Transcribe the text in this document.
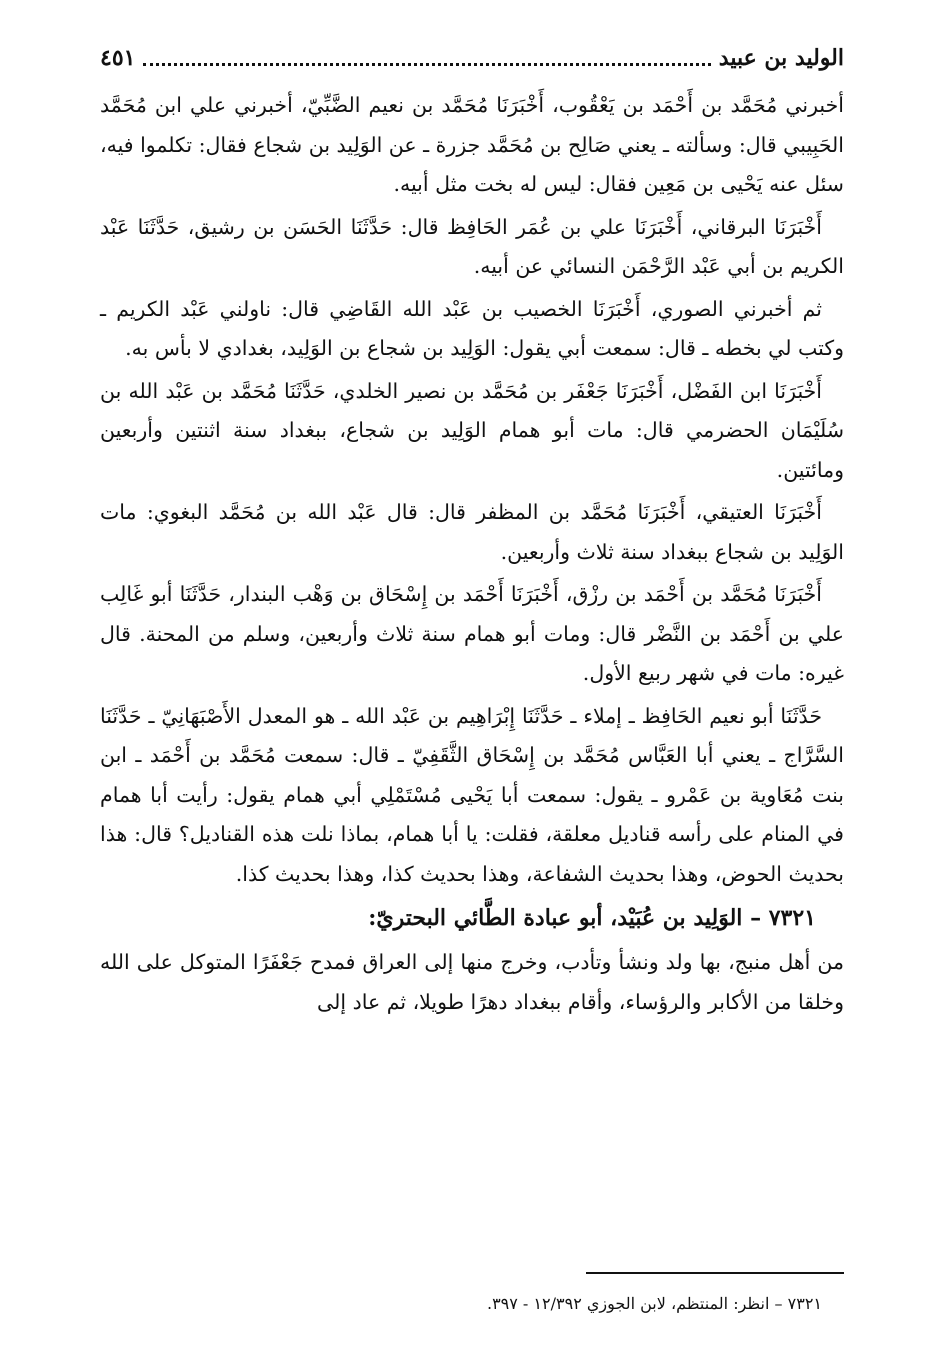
الوليد بن عبيد
٤٥١

أخبرني مُحَمَّد بن أَحْمَد بن يَعْقُوب، أَخْبَرَنَا مُحَمَّد بن نعيم الضَّبِّيّ، أخبرني علي ابن مُحَمَّد الحَبِيبي قال: وسألته ـ يعني صَالِح بن مُحَمَّد جزرة ـ عن الوَلِيد بن شجاع فقال: تكلموا فيه، سئل عنه يَحْيى بن مَعِين فقال: ليس له بخت مثل أبيه.

أَخْبَرَنَا البرقاني، أَخْبَرَنَا علي بن عُمَر الحَافِظ قال: حَدَّثَنَا الحَسَن بن رشيق، حَدَّثَنَا عَبْد الكريم بن أبي عَبْد الرَّحْمَن النسائي عن أبيه.

ثم أخبرني الصوري، أَخْبَرَنَا الخصيب بن عَبْد الله القَاضِي قال: ناولني عَبْد الكريم ـ وكتب لي بخطه ـ قال: سمعت أبي يقول: الوَلِيد بن شجاع بن الوَلِيد، بغدادي لا بأس به.

أَخْبَرَنَا ابن الفَضْل، أَخْبَرَنَا جَعْفَر بن مُحَمَّد بن نصير الخلدي، حَدَّثَنَا مُحَمَّد بن عَبْد الله بن سُلَيْمَان الحضرمي قال: مات أبو همام الوَلِيد بن شجاع، ببغداد سنة اثنتين وأربعين ومائتين.

أَخْبَرَنَا العتيقي، أَخْبَرَنَا مُحَمَّد بن المظفر قال: قال عَبْد الله بن مُحَمَّد البغوي: مات الوَلِيد بن شجاع ببغداد سنة ثلاث وأربعين.

أَخْبَرَنَا مُحَمَّد بن أَحْمَد بن رزْق، أَخْبَرَنَا أَحْمَد بن إِسْحَاق بن وَهْب البندار، حَدَّثَنَا أبو غَالِب علي بن أَحْمَد بن النَّضْر قال: ومات أبو همام سنة ثلاث وأربعين، وسلم من المحنة. قال غيره: مات في شهر ربيع الأول.

حَدَّثَنَا أبو نعيم الحَافِظ ـ إملاء ـ حَدَّثَنَا إِبْرَاهِيم بن عَبْد الله ـ هو المعدل الأَصْبَهَانِيّ ـ حَدَّثَنَا السَّرَّاج ـ يعني أبا العَبَّاس مُحَمَّد بن إِسْحَاق الثَّقَفِيّ ـ قال: سمعت مُحَمَّد بن أَحْمَد ـ ابن بنت مُعَاوية بن عَمْرو ـ يقول: سمعت أبا يَحْيى مُسْتَمْلِي أبي همام يقول: رأيت أبا همام في المنام على رأسه قناديل معلقة، فقلت: يا أبا همام، بماذا نلت هذه القناديل؟ قال: هذا بحديث الحوض، وهذا بحديث الشفاعة، وهذا بحديث كذا، وهذا بحديث كذا.

٧٣٢١ – الوَلِيد بن عُبَيْد، أبو عبادة الطَّائي البحتريّ:

من أهل منبج، بها ولد ونشأ وتأدب، وخرج منها إلى العراق فمدح جَعْفَرًا المتوكل على الله وخلقا من الأكابر والرؤساء، وأقام ببغداد دهرًا طويلا، ثم عاد إلى

٧٣٢١ – انظر: المنتظم، لابن الجوزي ١٢/٣٩٢ - ٣٩٧.
